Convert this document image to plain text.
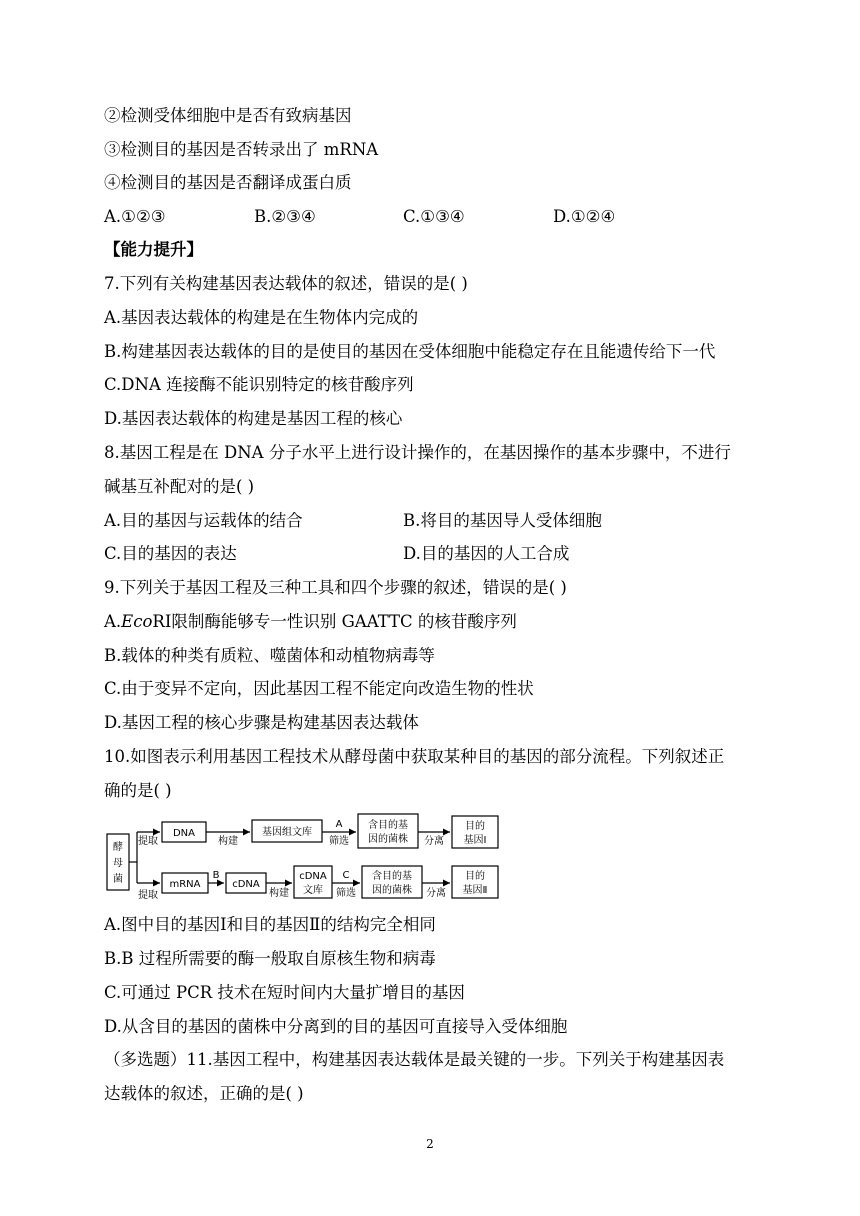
②检测受体细胞中是否有致病基因
③检测目的基因是否转录出了 mRNA
④检测目的基因是否翻译成蛋白质
A.①②③	B.②③④	C.①③④	D.①②④
【能力提升】
7.下列有关构建基因表达载体的叙述，错误的是( )
A.基因表达载体的构建是在生物体内完成的
B.构建基因表达载体的目的是使目的基因在受体细胞中能稳定存在且能遗传给下一代
C.DNA 连接酶不能识别特定的核苷酸序列
D.基因表达载体的构建是基因工程的核心
8.基因工程是在 DNA 分子水平上进行设计操作的，在基因操作的基本步骤中，不进行
碱基互补配对的是( )
A.目的基因与运载体的结合	B.将目的基因导人受体细胞
C.目的基因的表达	D.目的基因的人工合成
9.下列关于基因工程及三种工具和四个步骤的叙述，错误的是( )
A.EcoRⅠ限制酶能够专一性识别 GAATTC 的核苷酸序列
B.载体的种类有质粒、噬菌体和动植物病毒等
C.由于变异不定向，因此基因工程不能定向改造生物的性状
D.基因工程的核心步骤是构建基因表达载体
10.如图表示利用基因工程技术从酵母菌中获取某种目的基因的部分流程。下列叙述正
确的是( )
酵
母
菌
提取
DNA
构建
基因组文库
A
筛选
含目的基
因的菌株 分离
目的
基因Ⅰ
提取
mRNA
B
cDNA
构建
cDNA
文库
C
筛选
含目的基
因的菌株 分离
目的
基因Ⅱ
A.图中目的基因Ⅰ和目的基因Ⅱ的结构完全相同
B.B 过程所需要的酶一般取自原核生物和病毒
C.可通过 PCR 技术在短时间内大量扩增目的基因
D.从含目的基因的菌株中分离到的目的基因可直接导入受体细胞
（多选题）11.基因工程中，构建基因表达载体是最关键的一步。下列关于构建基因表
达载体的叙述，正确的是( )
2
